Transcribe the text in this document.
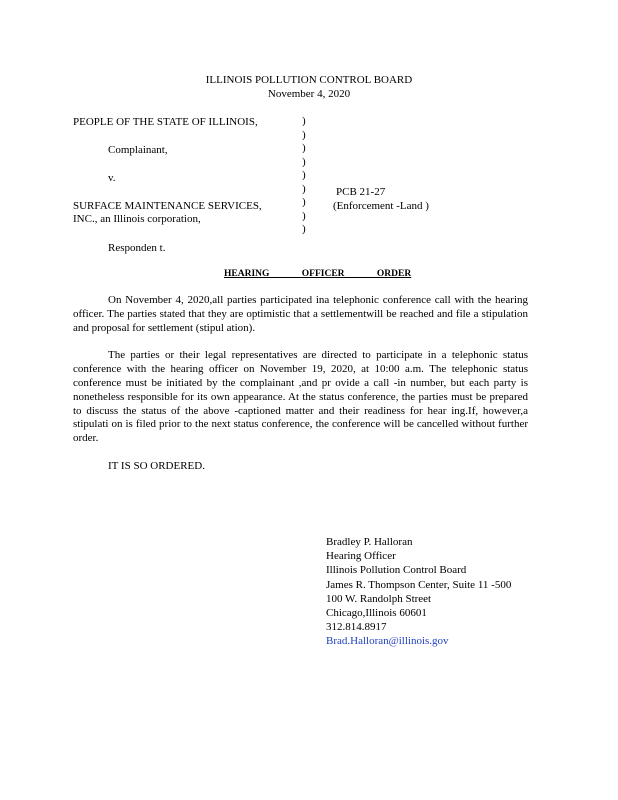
ILLINOIS POLLUTION CONTROL BOARD
November 4, 2020
PEOPLE OF THE STATE OF ILLINOIS,
Complainant,
v.
SURFACE MAINTENANCE SERVICES,
INC., an Illinois corporation,
Responden t.
)
)
)
)
)
)
)
)
)
PCB 21-27
(Enforcement -Land )
HEARING OFFICER ORDER

On November 4, 2020,all parties participated ina telephonic conference call with the hearing officer. The parties stated that they are optimistic that a settlementwill be reached and file a stipulation and proposal for settlement (stipul ation).

The parties or their legal representatives are directed to participate in a telephonic status conference with the hearing officer on November 19, 2020, at 10:00 a.m. The telephonic status conference must be initiated by the complainant ,and pr ovide a call -in number, but each party is nonetheless responsible for its own appearance. At the status conference, the parties must be prepared to discuss the status of the above -captioned matter and their readiness for hear ing.If, however,a stipulati on is filed prior to the next status conference, the conference will be cancelled without further order.

IT IS SO ORDERED.

Bradley P. Halloran
Hearing Officer
Illinois Pollution Control Board
James R. Thompson Center, Suite 11 -500
100 W. Randolph Street
Chicago,Illinois 60601
312.814.8917
Brad.Halloran@illinois.gov
